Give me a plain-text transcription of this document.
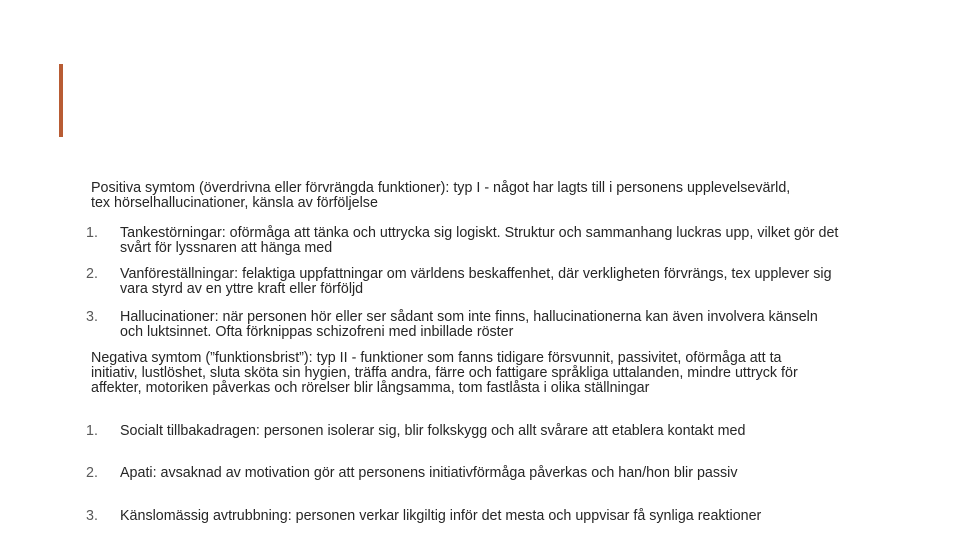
Positiva symtom (överdrivna eller förvrängda funktioner): typ I - något har lagts till i personens upplevelsevärld, tex hörselhallucinationer, känsla av förföljelse
1. Tankestörningar: oförmåga att tänka och uttrycka sig logiskt. Struktur och sammanhang luckras upp, vilket gör det svårt för lyssnaren att hänga med
2. Vanföreställningar: felaktiga uppfattningar om världens beskaffenhet, där verkligheten förvrängs, tex upplever sig vara styrd av en yttre kraft eller förföljd
3. Hallucinationer: när personen hör eller ser sådant som inte finns, hallucinationerna kan även involvera känseln och luktsinnet. Ofta förknippas schizofreni med inbillade röster
Negativa symtom (”funktionsbrist”): typ II - funktioner som fanns tidigare försvunnit, passivitet, oförmåga att ta initiativ, lustlöshet, sluta sköta sin hygien, träffa andra, färre och fattigare språkliga uttalanden, mindre uttryck för affekter, motoriken påverkas och rörelser blir långsamma, tom fastlåsta i olika ställningar
1. Socialt tillbakadragen: personen isolerar sig, blir folkskygg och allt svårare att etablera kontakt med
2. Apati: avsaknad av motivation gör att personens initiativförmåga påverkas och han/hon blir passiv
3. Känslomässig avtrubbning: personen verkar likgiltig inför det mesta och uppvisar få synliga reaktioner
